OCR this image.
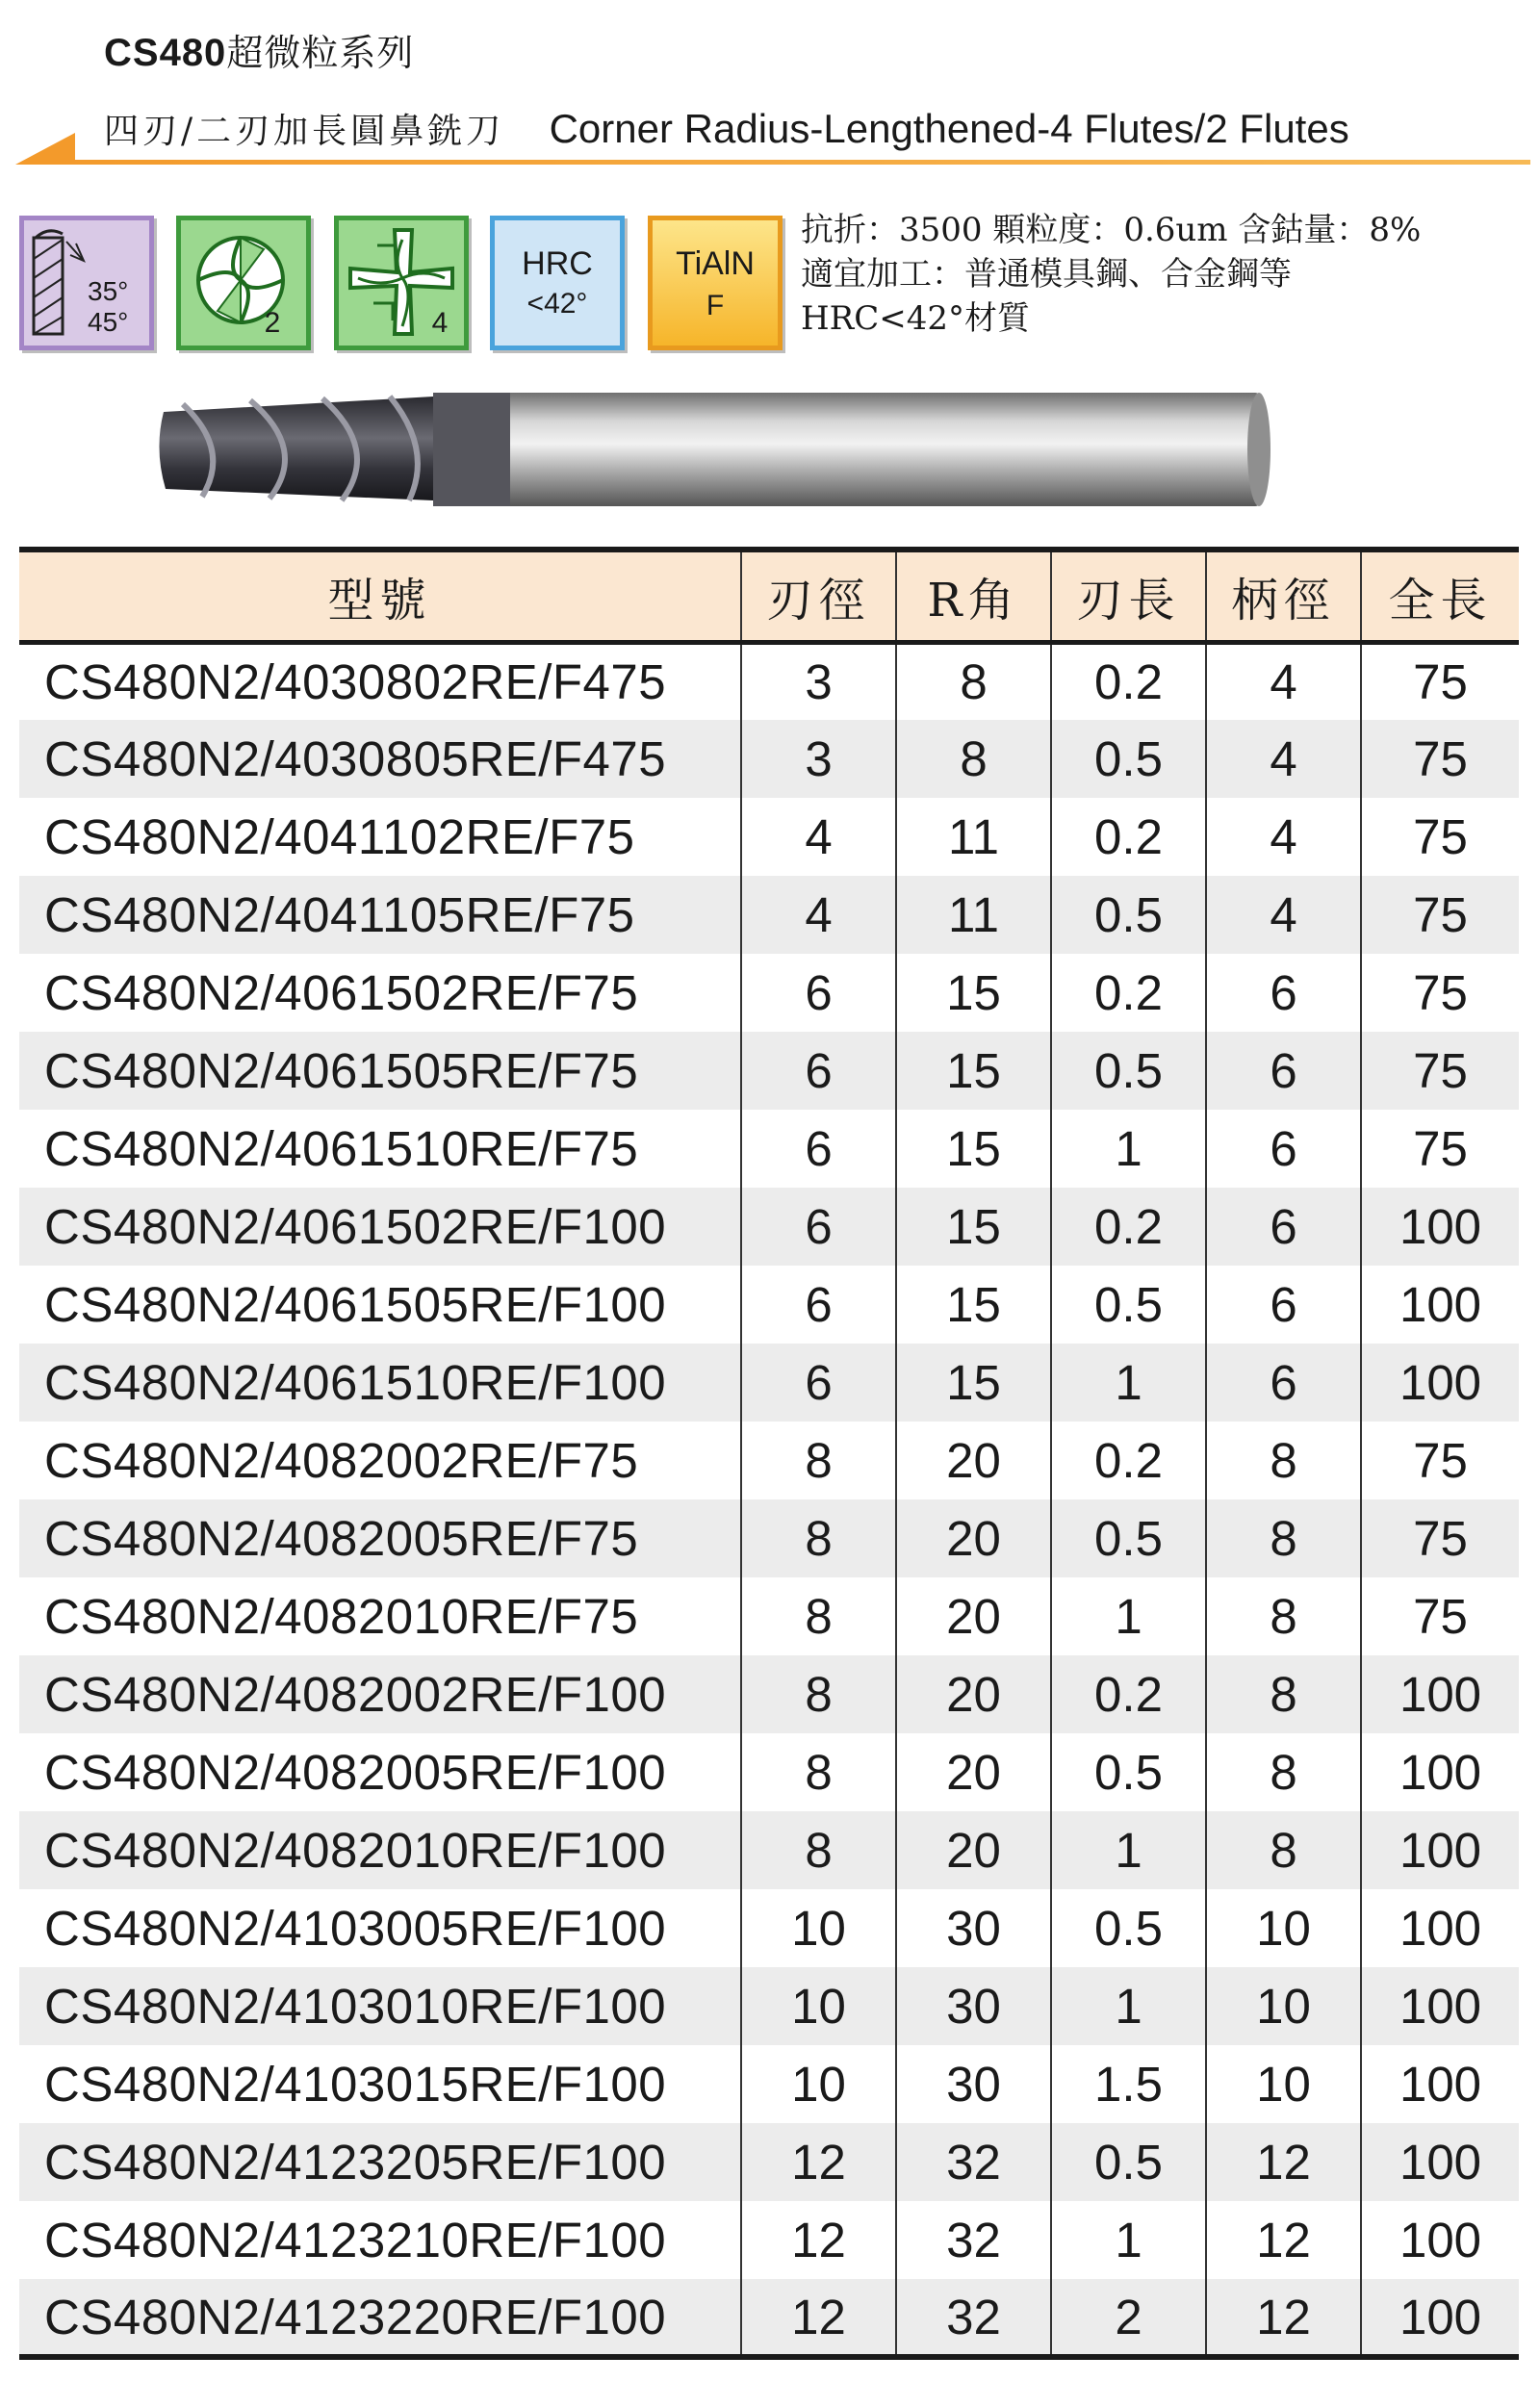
CS480超微粒系列
四刃/二刃加長圓鼻銑刀 Corner Radius-Lengthened-4 Flutes/2 Flutes
35°
45°	2	4
HRC
<42°
TiAlN
F
抗折：3500 顆粒度：0.6um 含鈷量：8%
適宜加工：普通模具鋼、合金鋼等
HRC<42°材質
型號	刃徑	R角	刃長	柄徑	全長
CS480N2/4030802RE/F475	3	8	0.2	4	75
CS480N2/4030805RE/F475	3	8	0.5	4	75
CS480N2/4041102RE/F75	4	11	0.2	4	75
CS480N2/4041105RE/F75	4	11	0.5	4	75
CS480N2/4061502RE/F75	6	15	0.2	6	75
CS480N2/4061505RE/F75	6	15	0.5	6	75
CS480N2/4061510RE/F75	6	15	1	6	75
CS480N2/4061502RE/F100	6	15	0.2	6	100
CS480N2/4061505RE/F100	6	15	0.5	6	100
CS480N2/4061510RE/F100	6	15	1	6	100
CS480N2/4082002RE/F75	8	20	0.2	8	75
CS480N2/4082005RE/F75	8	20	0.5	8	75
CS480N2/4082010RE/F75	8	20	1	8	75
CS480N2/4082002RE/F100	8	20	0.2	8	100
CS480N2/4082005RE/F100	8	20	0.5	8	100
CS480N2/4082010RE/F100	8	20	1	8	100
CS480N2/4103005RE/F100	10	30	0.5	10	100
CS480N2/4103010RE/F100	10	30	1	10	100
CS480N2/4103015RE/F100	10	30	1.5	10	100
CS480N2/4123205RE/F100	12	32	0.5	12	100
CS480N2/4123210RE/F100	12	32	1	12	100
CS480N2/4123220RE/F100	12	32	2	12	100
